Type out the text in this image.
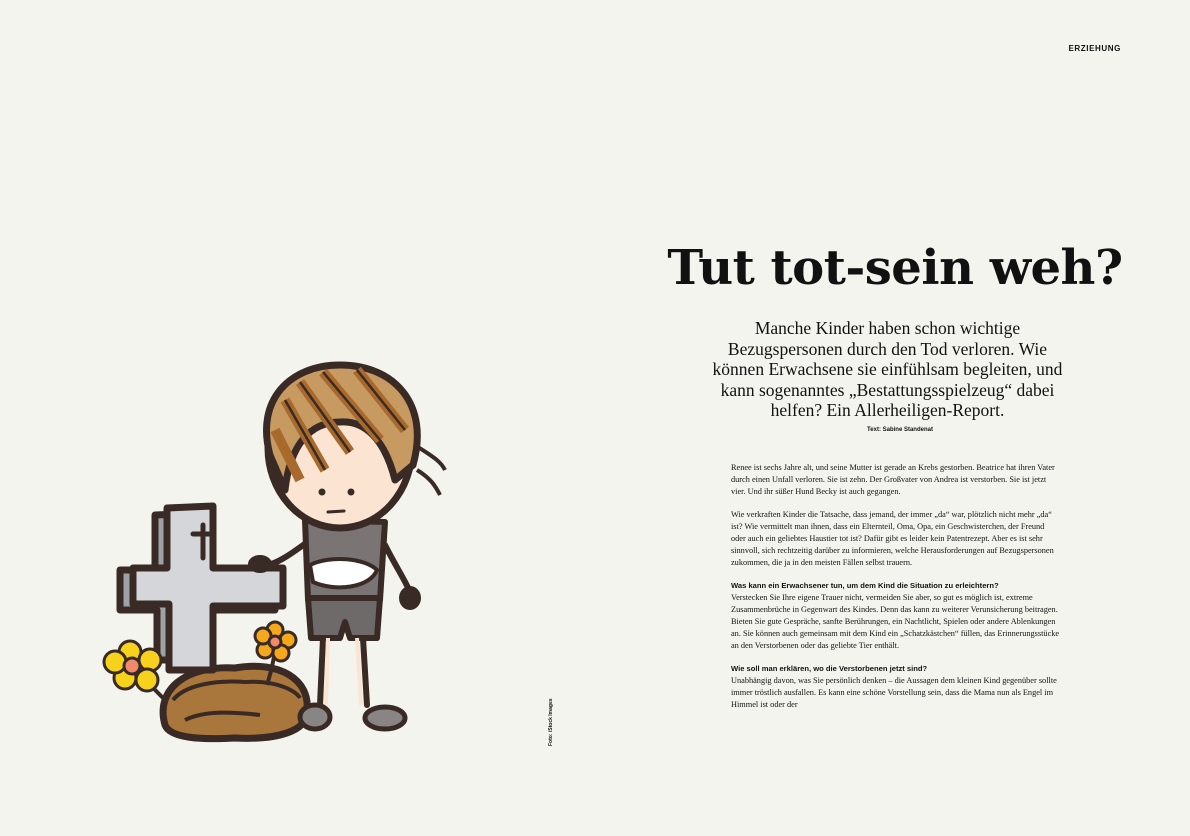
ERZIEHUNG
Tut tot-sein weh?

Manche Kinder haben schon wichtige Bezugspersonen durch den Tod verloren. Wie können Erwachsene sie einfühlsam begleiten, und kann sogenanntes „Bestattungsspielzeug“ dabei helfen? Ein Allerheiligen-Report.

Text: Sabine Standenat

Renee ist sechs Jahre alt, und seine Mutter ist gerade an Krebs gestorben. Beatrice hat ihren Vater durch einen Unfall verloren. Sie ist zehn. Der Großvater von Andrea ist verstorben. Sie ist jetzt vier. Und ihr süßer Hund Becky ist auch gegangen.

Wie verkraften Kinder die Tatsache, dass jemand, der immer „da“ war, plötzlich nicht mehr „da“ ist? Wie vermittelt man ihnen, dass ein Elternteil, Oma, Opa, ein Geschwisterchen, der Freund oder auch ein geliebtes Haustier tot ist? Dafür gibt es leider kein Patentrezept. Aber es ist sehr sinnvoll, sich rechtzeitig darüber zu informieren, welche Herausforderungen auf Bezugspersonen zukommen, die ja in den meisten Fällen selbst trauern.

Was kann ein Erwachsener tun, um dem Kind die Situation zu erleichtern?

Verstecken Sie Ihre eigene Trauer nicht, vermeiden Sie aber, so gut es möglich ist, extreme Zusammenbrüche in Gegenwart des Kindes. Denn das kann zu weiterer Verunsicherung beitragen. Bieten Sie gute Gespräche, sanfte Berührungen, ein Nachtlicht, Spielen oder andere Ablenkungen an. Sie können auch gemeinsam mit dem Kind ein „Schatzkästchen“ füllen, das Erinnerungsstücke an den Verstorbenen oder das geliebte Tier enthält.

Wie soll man erklären, wo die Verstorbenen jetzt sind?

Unabhängig davon, was Sie persönlich denken – die Aussagen dem kleinen Kind gegenüber sollte immer tröstlich ausfallen. Es kann eine schöne Vorstellung sein, dass die Mama nun als Engel im Himmel ist oder der

Foto: iStock Images
